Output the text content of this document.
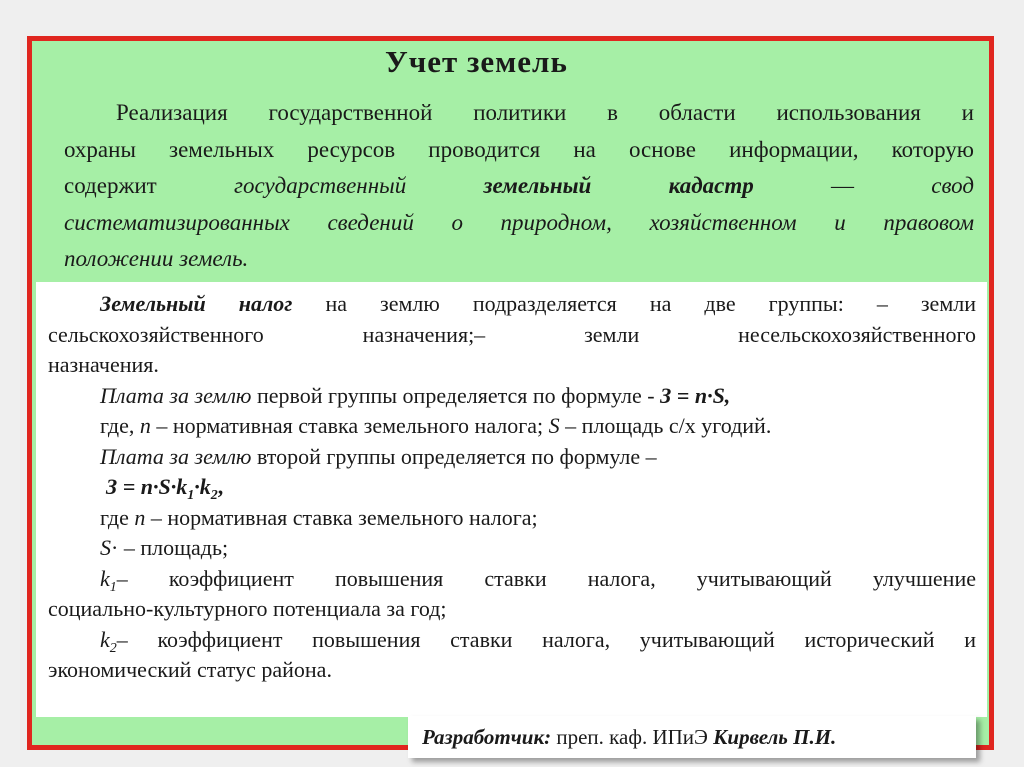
Учет земель
Реализация государственной политики в области использования и
охраны земельных ресурсов проводится на основе информации, которую
содержит	государственный	земельный кадастр	—	свод
систематизированных сведений о природном, хозяйственном и правовом
положении земель.
Земельный налог на землю подразделяется на две группы: – земли
сельскохозяйственного назначения;– земли несельскохозяйственного
назначения.
Плата за землю первой группы определяется по формуле - З = n·S,
где, n – нормативная ставка земельного налога; S – площадь с/х угодий.
Плата за землю второй группы определяется по формуле –
$З = n\cdot S\cdot k_1\cdot k_2$,
где n – нормативная ставка земельного налога;
S· – площадь;
$k_1-$ коэффициент повышения ставки налога, учитывающий улучшение
социально-культурного потенциала за год;
$k_2-$ коэффициент повышения ставки налога, учитывающий исторический и
экономический статус района.
Разработчик: преп. каф. ИПиЭ Кирвель П.И.
